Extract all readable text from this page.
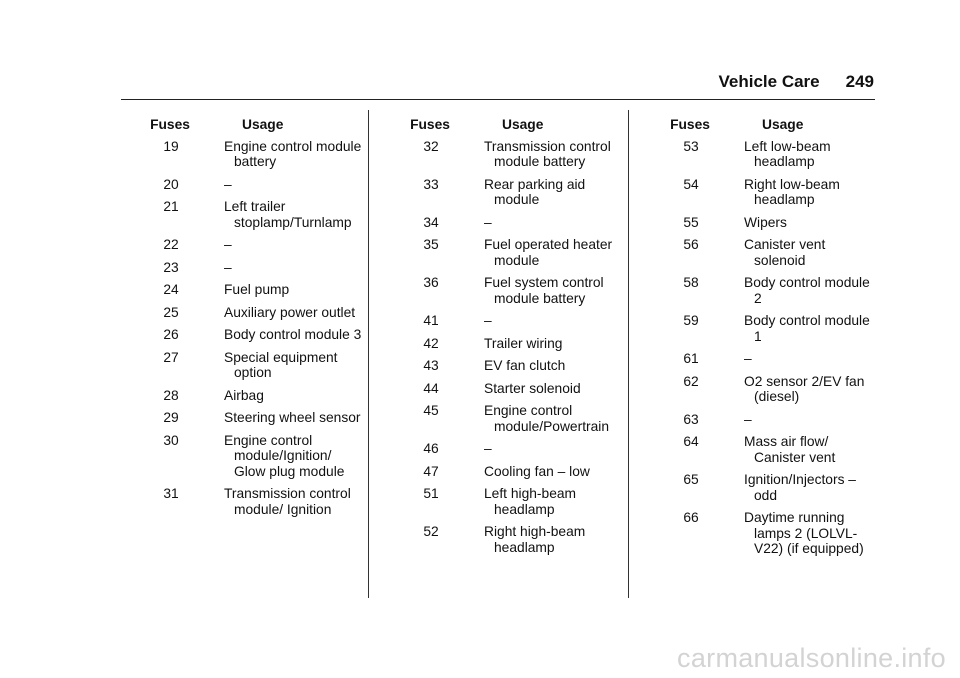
Vehicle Care 249
Fuses	Usage
19	Engine control module battery
20	–
21	Left trailer stoplamp/Turnlamp
22	–
23	–
24	Fuel pump
25	Auxiliary power outlet
26	Body control module 3
27	Special equipment option
28	Airbag
29	Steering wheel sensor
30	Engine control module/Ignition/ Glow plug module
31	Transmission control module/ Ignition
Fuses	Usage
32	Transmission control module battery
33	Rear parking aid module
34	–
35	Fuel operated heater module
36	Fuel system control module battery
41	–
42	Trailer wiring
43	EV fan clutch
44	Starter solenoid
45	Engine control module/Powertrain
46	–
47	Cooling fan – low
51	Left high-beam headlamp
52	Right high-beam headlamp
Fuses	Usage
53	Left low-beam headlamp
54	Right low-beam headlamp
55	Wipers
56	Canister vent solenoid
58	Body control module 2
59	Body control module 1
61	–
62	O2 sensor 2/EV fan (diesel)
63	–
64	Mass air flow/ Canister vent
65	Ignition/Injectors – odd
66	Daytime running lamps 2 (LOLVL-V22) (if equipped)
carmanualsonline.info
